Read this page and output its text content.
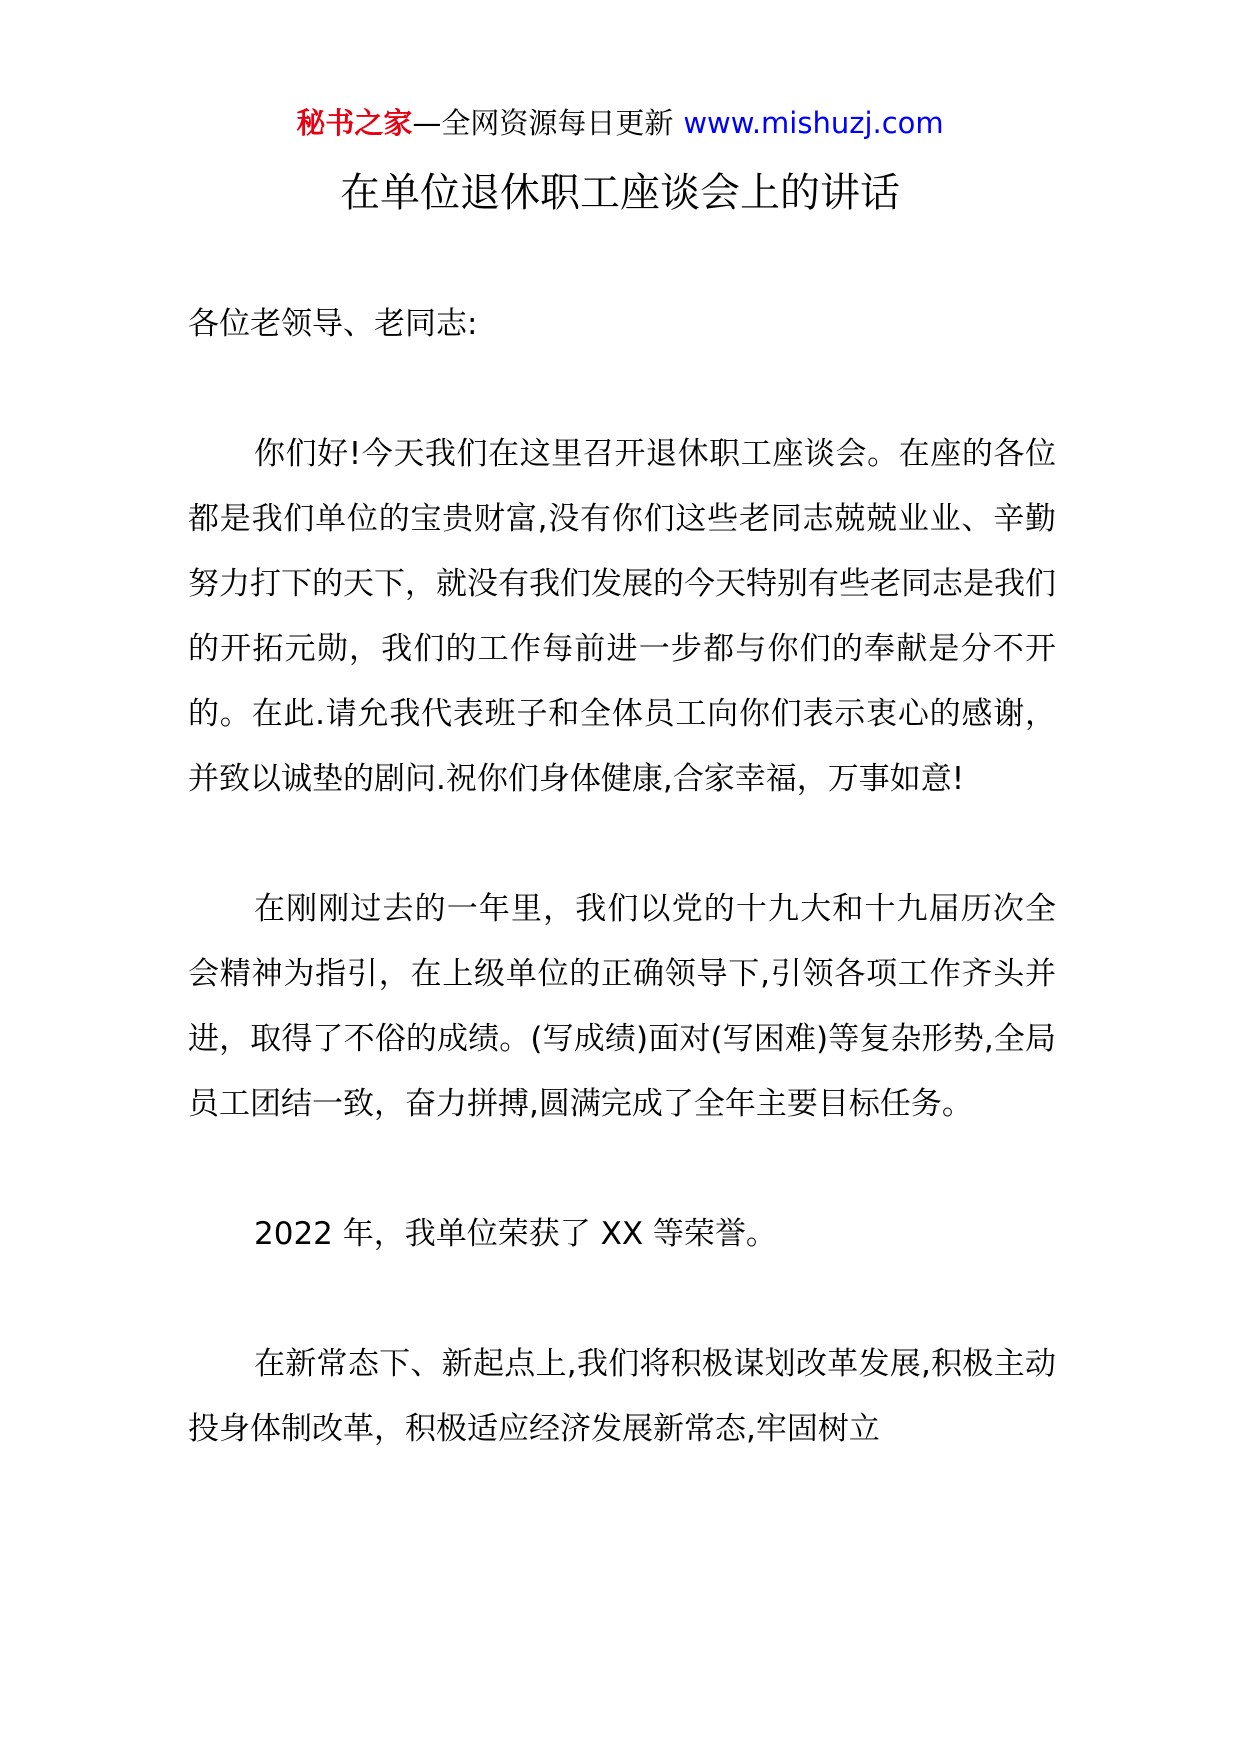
秘书之家—全网资源每日更新 www.mishuzj.com
在单位退休职工座谈会上的讲话

各位老领导、老同志:

你们好!今天我们在这里召开退休职工座谈会。在座的各位都是我们单位的宝贵财富,没有你们这些老同志兢兢业业、辛勤努力打下的天下，就没有我们发展的今天特别有些老同志是我们的开拓元勋，我们的工作每前进一步都与你们的奉献是分不开的。在此.请允我代表班子和全体员工向你们表示衷心的感谢，并致以诚垫的剧问.祝你们身体健康,合家幸福，万事如意!

在刚刚过去的一年里，我们以党的十九大和十九届历次全会精神为指引，在上级单位的正确领导下,引领各项工作齐头并进，取得了不俗的成绩。(写成绩)面对(写困难)等复杂形势,全局员工团结一致，奋力拼搏,圆满完成了全年主要目标任务。

2022 年，我单位荣获了 XX 等荣誉。

在新常态下、新起点上,我们将积极谋划改革发展,积极主动投身体制改革，积极适应经济发展新常态,牢固树立
